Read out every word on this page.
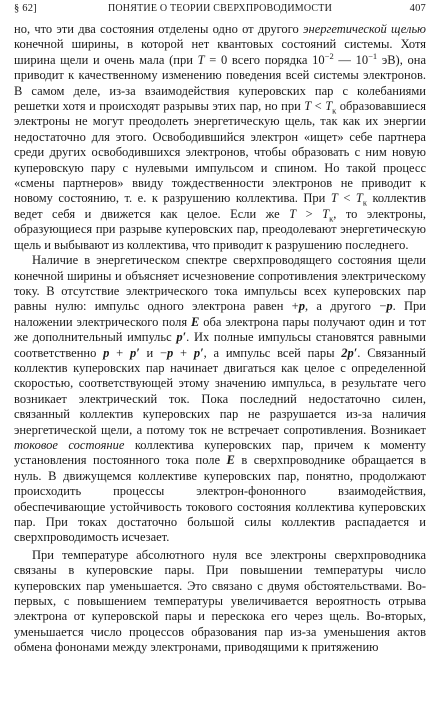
§ 62]	ПОНЯТИЕ О ТЕОРИИ СВЕРХПРОВОДИМОСТИ	407

но, что эти два состояния отделены одно от другого энергетической щелью конечной ширины, в которой нет квантовых состояний системы. Хотя ширина щели и очень мала (при T = 0 всего порядка $10^{-2}$ — $10^{-1}$ эВ), она приводит к качественному изменению поведения всей системы электронов. В самом деле, из-за взаимодействия куперовских пар с колебаниями решетки хотя и происходят разрывы этих пар, но при $T < T_к$ образовавшиеся электроны не могут преодолеть энергетическую щель, так как их энергии недостаточно для этого. Освободившийся электрон «ищет» себе партнера среди других освободившихся электронов, чтобы образовать с ним новую куперовскую пару с нулевыми импульсом и спином. Но такой процесс «смены партнеров» ввиду тождественности электронов не приводит к новому состоянию, т. е. к разрушению коллектива. При $T < T_к$ коллектив ведет себя и движется как целое. Если же $T > T_к$, то электроны, образующиеся при разрыве куперовских пар, преодолевают энергетическую щель и выбывают из коллектива, что приводит к разрушению последнего.

Наличие в энергетическом спектре сверхпроводящего состояния щели конечной ширины и объясняет исчезновение сопротивления электрическому току. В отсутствие электрического тока импульсы всех куперовских пар равны нулю: импульс одного электрона равен +p, а другого −p. При наложении электрического поля E оба электрона пары получают один и тот же дополнительный импульс p′. Их полные импульсы становятся равными соответственно p + p′ и −p + p′, а импульс всей пары 2p′. Связанный коллектив куперовских пар начинает двигаться как целое с определенной скоростью, соответствующей этому значению импульса, в результате чего возникает электрический ток. Пока последний недостаточно силен, связанный коллектив куперовских пар не разрушается из-за наличия энергетической щели, а потому ток не встречает сопротивления. Возникает токовое состояние коллектива куперовских пар, причем к моменту установления постоянного тока поле E в сверхпроводнике обращается в нуль. В движущемся коллективе куперовских пар, понятно, продолжают происходить процессы электрон-фононного взаимодействия, обеспечивающие устойчивость токового состояния коллектива куперовских пар. При токах достаточно большой силы коллектив распадается и сверхпроводимость исчезает.

При температуре абсолютного нуля все электроны сверхпроводника связаны в куперовские пары. При повышении температуры число куперовских пар уменьшается. Это связано с двумя обстоятельствами. Во-первых, с повышением температуры увеличивается вероятность отрыва электрона от куперовской пары и перескока его через щель. Во-вторых, уменьшается число процессов образования пар из-за уменьшения актов обмена фононами между электронами, приводящими к притяжению
